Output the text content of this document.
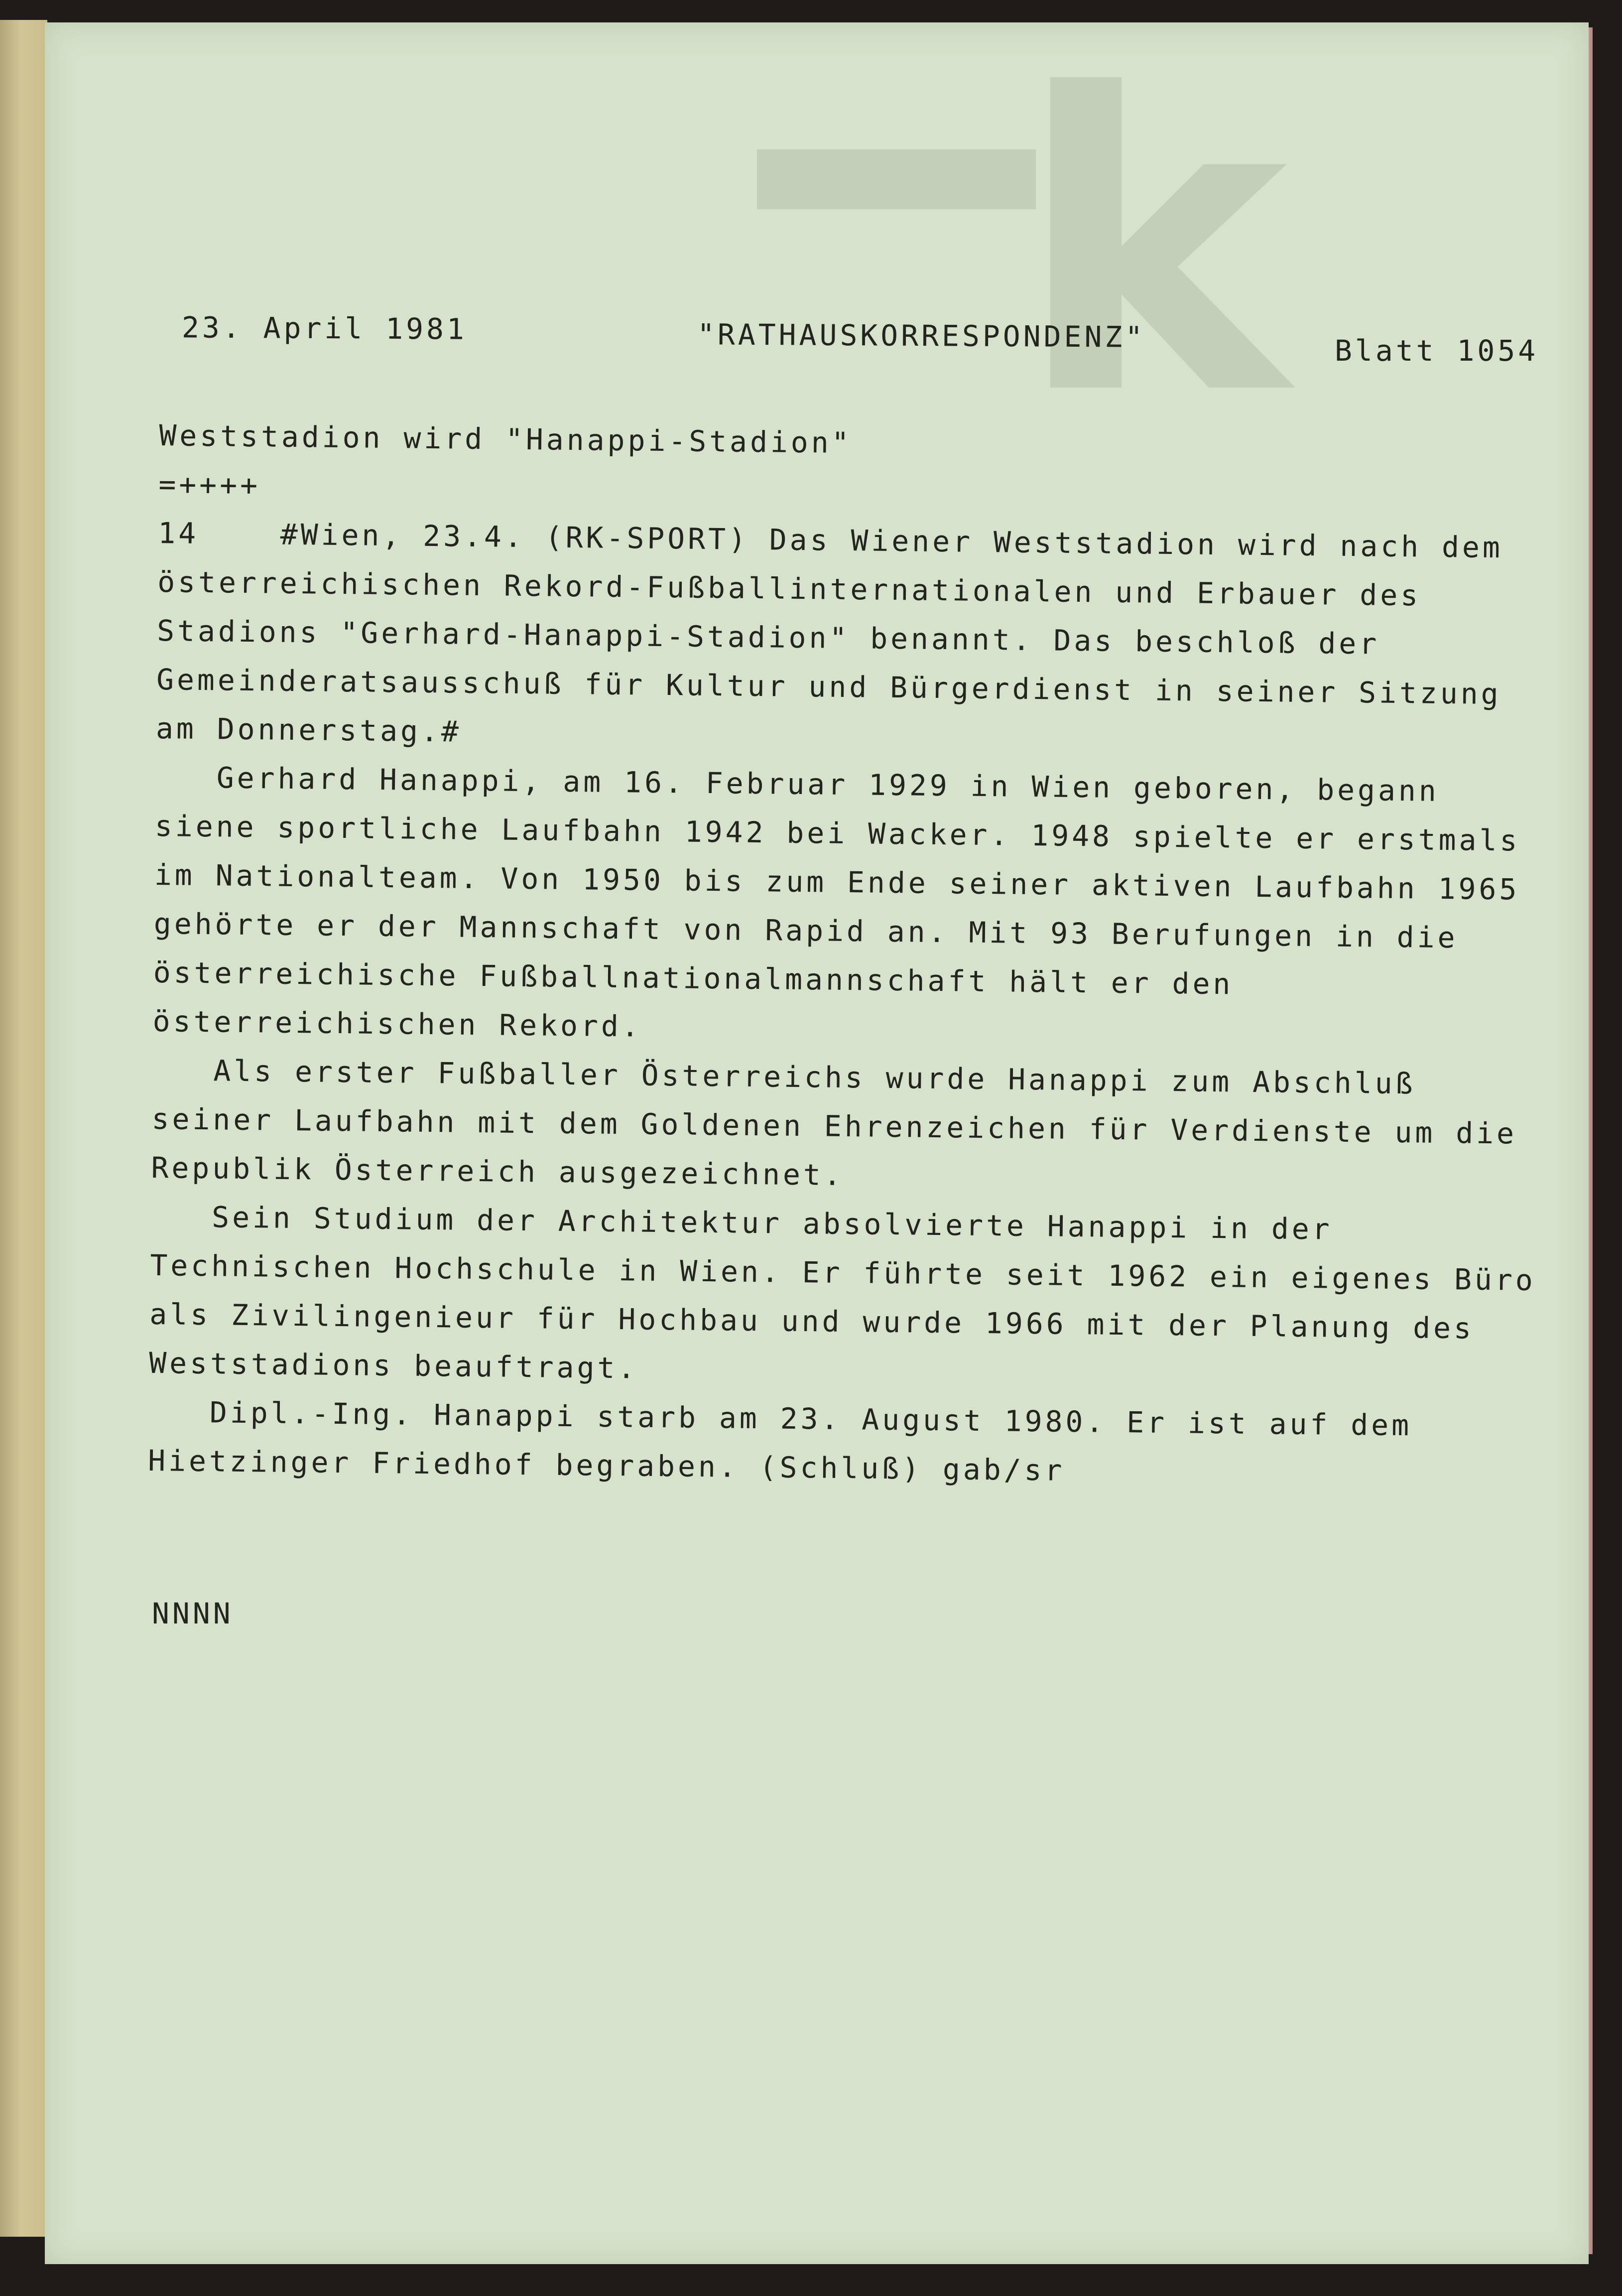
k
23. April 1981	"RATHAUSKORRESPONDENZ"	Blatt 1054
Weststadion wird "Hanappi-Stadion"
=++++
14    #Wien, 23.4. (RK-SPORT) Das Wiener Weststadion wird nach dem
österreichischen Rekord-Fußballinternationalen und Erbauer des
Stadions "Gerhard-Hanappi-Stadion" benannt. Das beschloß der
Gemeinderatsausschuß für Kultur und Bürgerdienst in seiner Sitzung
am Donnerstag.#
Gerhard Hanappi, am 16. Februar 1929 in Wien geboren, begann
siene sportliche Laufbahn 1942 bei Wacker. 1948 spielte er erstmals
im Nationalteam. Von 1950 bis zum Ende seiner aktiven Laufbahn 1965
gehörte er der Mannschaft von Rapid an. Mit 93 Berufungen in die
österreichische Fußballnationalmannschaft hält er den
österreichischen Rekord.
Als erster Fußballer Österreichs wurde Hanappi zum Abschluß
seiner Laufbahn mit dem Goldenen Ehrenzeichen für Verdienste um die
Republik Österreich ausgezeichnet.
Sein Studium der Architektur absolvierte Hanappi in der
Technischen Hochschule in Wien. Er führte seit 1962 ein eigenes Büro
als Zivilingenieur für Hochbau und wurde 1966 mit der Planung des
Weststadions beauftragt.
Dipl.-Ing. Hanappi starb am 23. August 1980. Er ist auf dem
Hietzinger Friedhof begraben. (Schluß) gab/sr
NNNN
